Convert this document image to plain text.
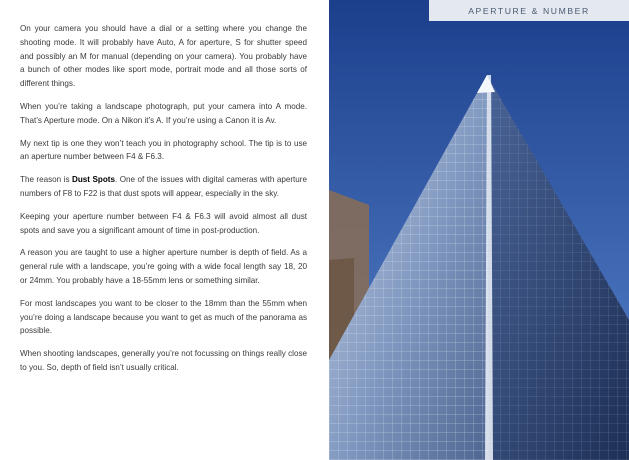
On your camera you should have a dial or a setting where you change the shooting mode. It will probably have Auto, A for aperture, S for shutter speed and possibly an M for manual (depending on your camera). You probably have a bunch of other modes like sport mode, portrait mode and all those sorts of different things.

When you’re taking a landscape photograph, put your camera into A mode. That’s Aperture mode. On a Nikon it’s A. If you’re using a Canon it is Av.

My next tip is one they won’t teach you in photography school. The tip is to use an aperture number between F4 & F6.3.

The reason is Dust Spots. One of the issues with digital cameras with aperture numbers of F8 to F22 is that dust spots will appear, especially in the sky.

Keeping your aperture number between F4 & F6.3 will avoid almost all dust spots and save you a significant amount of time in post-production.

A reason you are taught to use a higher aperture number is depth of field. As a general rule with a landscape, you’re going with a wide focal length say 18, 20 or 24mm. You probably have a 18-55mm lens or something similar.

For most landscapes you want to be closer to the 18mm than the 55mm when you’re doing a landscape because you want to get as much of the panorama as possible.

When shooting landscapes, generally you’re not focussing on things really close to you. So, depth of field isn’t usually critical.

APERTURE & NUMBER
